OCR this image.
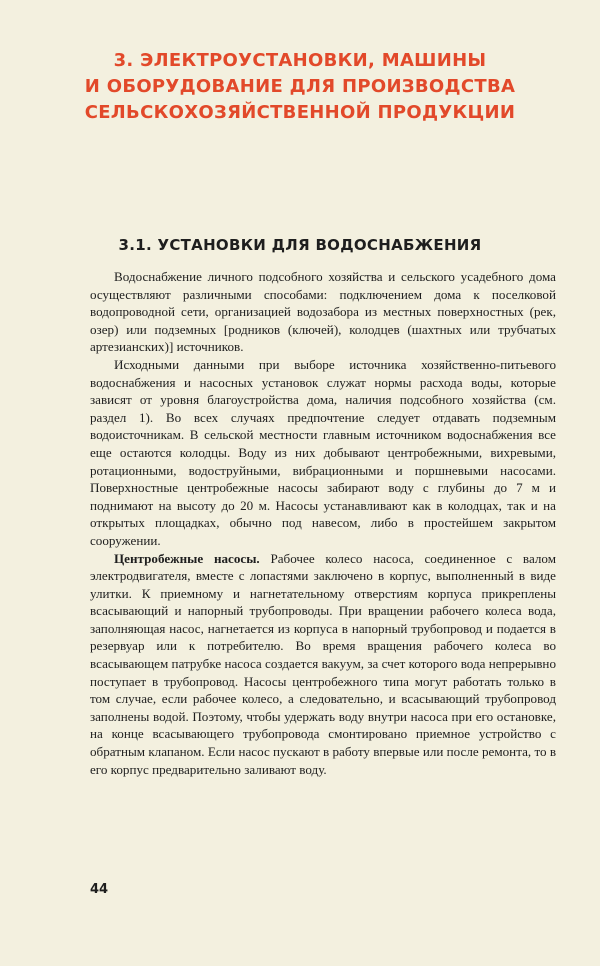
3. ЭЛЕКТРОУСТАНОВКИ, МАШИНЫ
И ОБОРУДОВАНИЕ ДЛЯ ПРОИЗВОДСТВА
СЕЛЬСКОХОЗЯЙСТВЕННОЙ ПРОДУКЦИИ
3.1. УСТАНОВКИ ДЛЯ ВОДОСНАБЖЕНИЯ

Водоснабжение личного подсобного хозяйства и сельского усадебного дома осуществляют различными способами: подключением дома к поселковой водопроводной сети, организацией водозабора из местных поверхностных (рек, озер) или подземных [родников (ключей), колодцев (шахтных или трубчатых артезианских)] источников.

Исходными данными при выборе источника хозяйственно-питьевого водоснабжения и насосных установок служат нормы расхода воды, которые зависят от уровня благоустройства дома, наличия подсобного хозяйства (см. раздел 1). Во всех случаях предпочтение следует отдавать подземным водоисточникам. В сельской местности главным источником водоснабжения все еще остаются колодцы. Воду из них добывают центробежными, вихревыми, ротационными, водоструйными, вибрационными и поршневыми насосами. Поверхностные центробежные насосы забирают воду с глубины до 7 м и поднимают на высоту до 20 м. Насосы устанавливают как в колодцах, так и на открытых площадках, обычно под навесом, либо в простейшем закрытом сооружении.

Центробежные насосы. Рабочее колесо насоса, соединенное с валом электродвигателя, вместе с лопастями заключено в корпус, выполненный в виде улитки. К приемному и нагнетательному отверстиям корпуса прикреплены всасывающий и напорный трубопроводы. При вращении рабочего колеса вода, заполняющая насос, нагнетается из корпуса в напорный трубопровод и подается в резервуар или к потребителю. Во время вращения рабочего колеса во всасывающем патрубке насоса создается вакуум, за счет которого вода непрерывно поступает в трубопровод. Насосы центробежного типа могут работать только в том случае, если рабочее колесо, а следовательно, и всасывающий трубопровод заполнены водой. Поэтому, чтобы удержать воду внутри насоса при его остановке, на конце всасывающего трубопровода смонтировано приемное устройство с обратным клапаном. Если насос пускают в работу впервые или после ремонта, то в его корпус предварительно заливают воду.

44
